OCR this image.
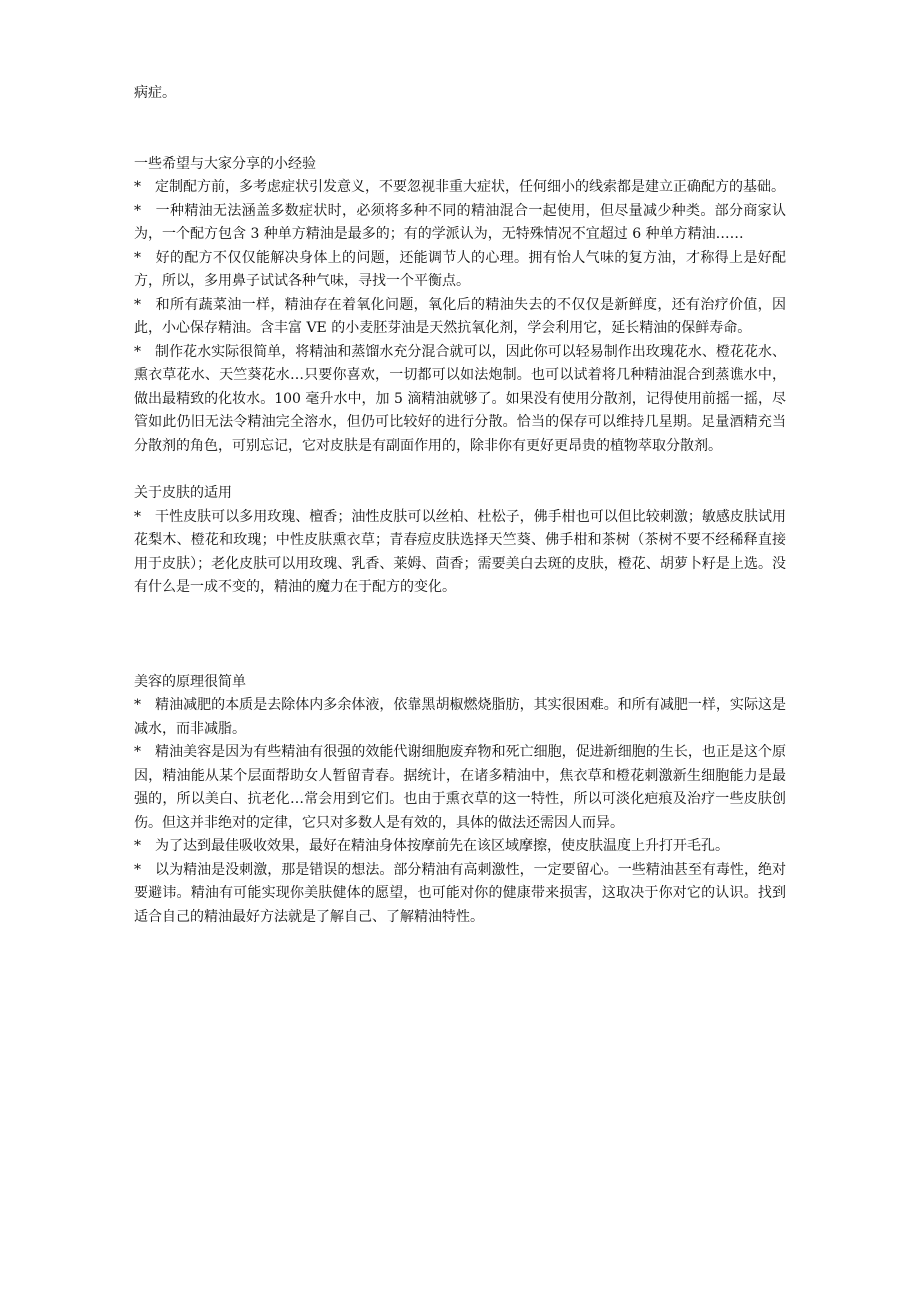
病症。

一些希望与大家分享的小经验

*　定制配方前，多考虑症状引发意义，不要忽视非重大症状，任何细小的线索都是建立正确配方的基础。

*　一种精油无法涵盖多数症状时，必须将多种不同的精油混合一起使用，但尽量减少种类。部分商家认为，一个配方包含 3 种单方精油是最多的；有的学派认为，无特殊情况不宜超过 6 种单方精油……

*　好的配方不仅仅能解决身体上的问题，还能调节人的心理。拥有怡人气味的复方油，才称得上是好配方，所以，多用鼻子试试各种气味，寻找一个平衡点。

*　和所有蔬菜油一样，精油存在着氧化问题，氧化后的精油失去的不仅仅是新鲜度，还有治疗价值，因此，小心保存精油。含丰富 VE 的小麦胚芽油是天然抗氧化剂，学会利用它，延长精油的保鲜寿命。

*　制作花水实际很简单，将精油和蒸馏水充分混合就可以，因此你可以轻易制作出玫瑰花水、橙花花水、熏衣草花水、天竺葵花水…只要你喜欢，一切都可以如法炮制。也可以试着将几种精油混合到蒸谯水中，做出最精致的化妆水。100 毫升水中，加 5 滴精油就够了。如果没有使用分散剂，记得使用前摇一摇，尽管如此仍旧无法令精油完全溶水，但仍可比较好的进行分散。恰当的保存可以维持几星期。足量酒精充当分散剂的角色，可别忘记，它对皮肤是有副面作用的，除非你有更好更昂贵的植物萃取分散剂。

关于皮肤的适用

*　干性皮肤可以多用玫瑰、檀香；油性皮肤可以丝柏、杜松子，佛手柑也可以但比较刺激；敏感皮肤试用花梨木、橙花和玫瑰；中性皮肤熏衣草；青春痘皮肤选择天竺葵、佛手柑和茶树（茶树不要不经稀释直接用于皮肤）；老化皮肤可以用玫瑰、乳香、莱姆、茴香；需要美白去斑的皮肤，橙花、胡萝卜籽是上选。没有什么是一成不变的，精油的魔力在于配方的变化。

美容的原理很简单

*　精油减肥的本质是去除体内多余体液，依靠黑胡椒燃烧脂肪，其实很困难。和所有减肥一样，实际这是减水，而非减脂。

*　精油美容是因为有些精油有很强的效能代谢细胞废弃物和死亡细胞，促进新细胞的生长，也正是这个原因，精油能从某个层面帮助女人暂留青春。据统计，在诸多精油中，焦衣草和橙花刺激新生细胞能力是最强的，所以美白、抗老化…常会用到它们。也由于熏衣草的这一特性，所以可淡化疤痕及治疗一些皮肤创伤。但这并非绝对的定律，它只对多数人是有效的，具体的做法还需因人而异。

*　为了达到最佳吸收效果，最好在精油身体按摩前先在该区域摩擦，使皮肤温度上升打开毛孔。

*　以为精油是没刺激，那是错误的想法。部分精油有高刺激性，一定要留心。一些精油甚至有毒性，绝对要避讳。精油有可能实现你美肤健体的愿望，也可能对你的健康带来损害，这取决于你对它的认识。找到适合自己的精油最好方法就是了解自己、了解精油特性。
